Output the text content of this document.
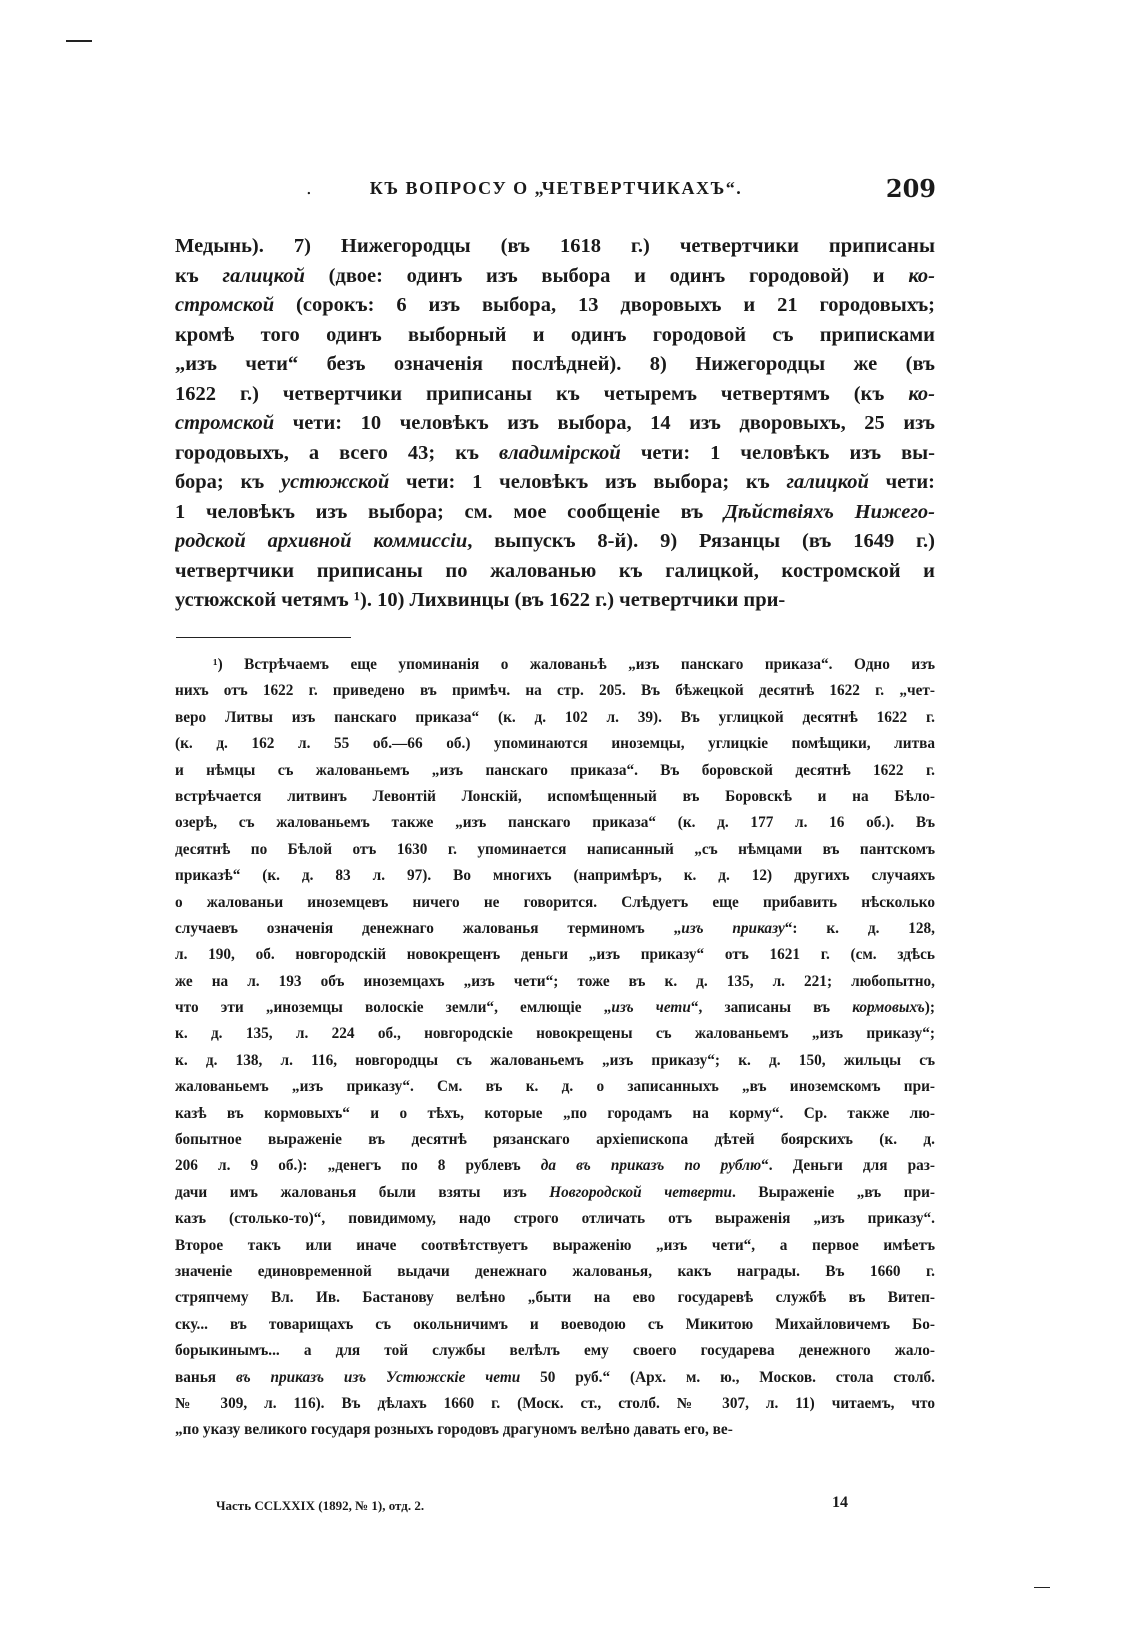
.	КЪ ВОПРОСУ О „ЧЕТВЕРТЧИКАХЪ“.	209
Медынь). 7) Нижегородцы (въ 1618 г.) четвертчики приписаны
къ галицкой (двое: одинъ изъ выбора и одинъ городовой) и ко-
стромской (сорокъ: 6 изъ выбора, 13 дворовыхъ и 21 городовыхъ;
кромѣ того одинъ выборный и одинъ городовой съ приписками
„изъ чети“ безъ означенія послѣдней). 8) Нижегородцы же (въ
1622 г.) четвертчики приписаны къ четыремъ четвертямъ (къ ко-
стромской чети: 10 человѣкъ изъ выбора, 14 изъ дворовыхъ, 25 изъ
городовыхъ, а всего 43; къ владимірской чети: 1 человѣкъ изъ вы-
бора; къ устюжской чети: 1 человѣкъ изъ выбора; къ галицкой чети:
1 человѣкъ изъ выбора; см. мое сообщеніе въ Дѣйствіяхъ Нижего-
родской архивной коммиссіи, выпускъ 8-й). 9) Рязанцы (въ 1649 г.)
четвертчики приписаны по жалованью къ галицкой, костромской и
устюжской четямъ ¹). 10) Лихвинцы (въ 1622 г.) четвертчики при-
¹) Встрѣчаемъ еще упоминанія о жалованьѣ „изъ панскаго приказа“. Одно изъ
нихъ отъ 1622 г. приведено въ примѣч. на стр. 205. Въ бѣжецкой десятнѣ 1622 г. „чет-
веро Литвы изъ панскаго приказа“ (к. д. 102 л. 39). Въ углицкой десятнѣ 1622 г.
(к. д. 162 л. 55 об.—66 об.) упоминаются иноземцы, углицкіе помѣщики, литва
и нѣмцы съ жалованьемъ „изъ панскаго приказа“. Въ боровской десятнѣ 1622 г.
встрѣчается литвинъ Левонтій Лонскій, испомѣщенный въ Боровскѣ и на Бѣло-
озерѣ, съ жалованьемъ также „изъ панскаго приказа“ (к. д. 177 л. 16 об.). Въ
десятнѣ по Бѣлой отъ 1630 г. упоминается написанный „съ нѣмцами въ пантскомъ
приказѣ“ (к. д. 83 л. 97). Во многихъ (напримѣръ, к. д. 12) другихъ случаяхъ
о жалованьи иноземцевъ ничего не говорится. Слѣдуетъ еще прибавить нѣсколько
случаевъ означенія денежнаго жалованья терминомъ „изъ приказу“: к. д. 128,
л. 190, об. новгородскій новокрещенъ деньги „изъ приказу“ отъ 1621 г. (см. здѣсь
же на л. 193 объ иноземцахъ „изъ чети“; тоже въ к. д. 135, л. 221; любопытно,
что эти „иноземцы волоскіе земли“, емлющіе „изъ чети“, записаны въ кормовыхъ);
к. д. 135, л. 224 об., новгородскіе новокрещены съ жалованьемъ „изъ приказу“;
к. д. 138, л. 116, новгородцы съ жалованьемъ „изъ приказу“; к. д. 150, жильцы съ
жалованьемъ „изъ приказу“. См. въ к. д. о записанныхъ „въ иноземскомъ при-
казѣ въ кормовыхъ“ и о тѣхъ, которые „по городамъ на корму“. Ср. также лю-
бопытное выраженіе въ десятнѣ рязанскаго архіепископа дѣтей боярскихъ (к. д.
206 л. 9 об.): „денегъ по 8 рублевъ да въ приказъ по рублю“. Деньги для раз-
дачи имъ жалованья были взяты изъ Новгородской четверти. Выраженіе „въ при-
казъ (столько-то)“, повидимому, надо строго отличать отъ выраженія „изъ приказу“.
Второе такъ или иначе соотвѣтствуетъ выраженію „изъ чети“, а первое имѣетъ
значеніе единовременной выдачи денежнаго жалованья, какъ награды. Въ 1660 г.
стряпчему Вл. Ив. Бастанову велѣно „быти на ево государевѣ службѣ въ Витеп-
ску... въ товарищахъ съ окольничимъ и воеводою съ Микитою Михайловичемъ Бо-
борыкинымъ... а для той службы велѣлъ ему своего государева денежного жало-
ванья въ приказъ изъ Устюжскіе чети 50 руб.“ (Арх. м. ю., Москов. стола столб.
№ 309, л. 116). Въ дѣлахъ 1660 г. (Моск. ст., столб. № 307, л. 11) читаемъ, что
„по указу великого государя розныхъ городовъ драгуномъ велѣно давать его, ве-
Часть CCLXXIX (1892, № 1), отд. 2.	14
